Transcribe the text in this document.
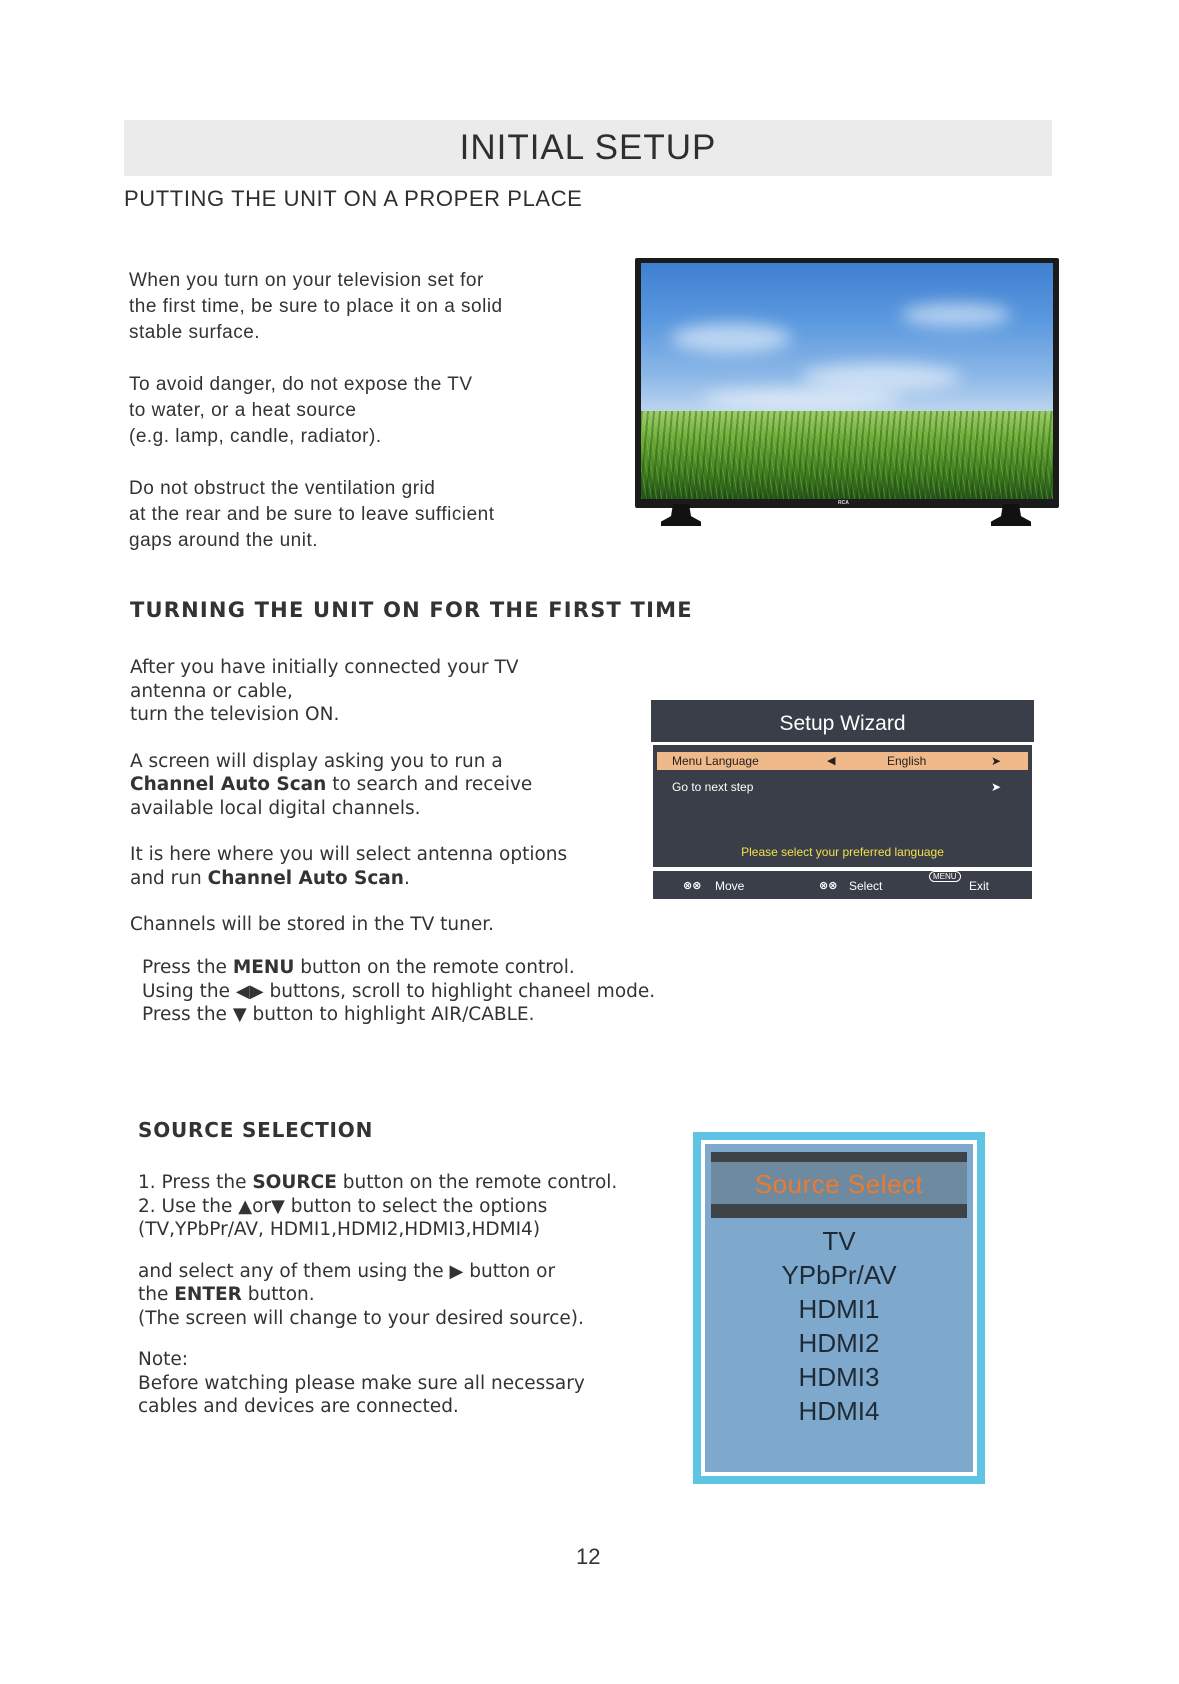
INITIAL SETUP
PUTTING THE UNIT ON A PROPER PLACE

When you turn on your television set for

the first time, be sure to place it on a solid

stable surface.

To avoid danger, do not expose the TV

to water, or a heat source

(e.g. lamp, candle, radiator).

Do not obstruct the ventilation grid

at the rear and be sure to leave sufficient

gaps around the unit.

RCA
TURNING THE UNIT ON FOR THE FIRST TIME

After you have initially connected your TV

antenna or cable,

turn the television ON.

A screen will display asking you to run a

Channel Auto Scan to search and receive

available local digital channels.

It is here where you will select antenna options

and run Channel Auto Scan.

Channels will be stored in the TV tuner.

Press the MENU button on the remote control.

Using the ◀▶ buttons, scroll to highlight chaneel mode.

Press the ▼ button to highlight AIR/CABLE.

Setup Wizard
Menu Language	◀	English	➤
Go to next step	➤
Please select your preferred language
⊗⊗ Move	⊗⊗ Select
MENU
Exit
SOURCE SELECTION

1. Press the SOURCE button on the remote control.

2. Use the ▲or▼ button to select the options

(TV,YPbPr/AV, HDMI1,HDMI2,HDMI3,HDMI4)

and select any of them using the ▶ button or

the ENTER button.

(The screen will change to your desired source).

Note:

Before watching please make sure all necessary

cables and devices are connected.

Source Select
TV
YPbPr/AV
HDMI1
HDMI2
HDMI3
HDMI4
12
